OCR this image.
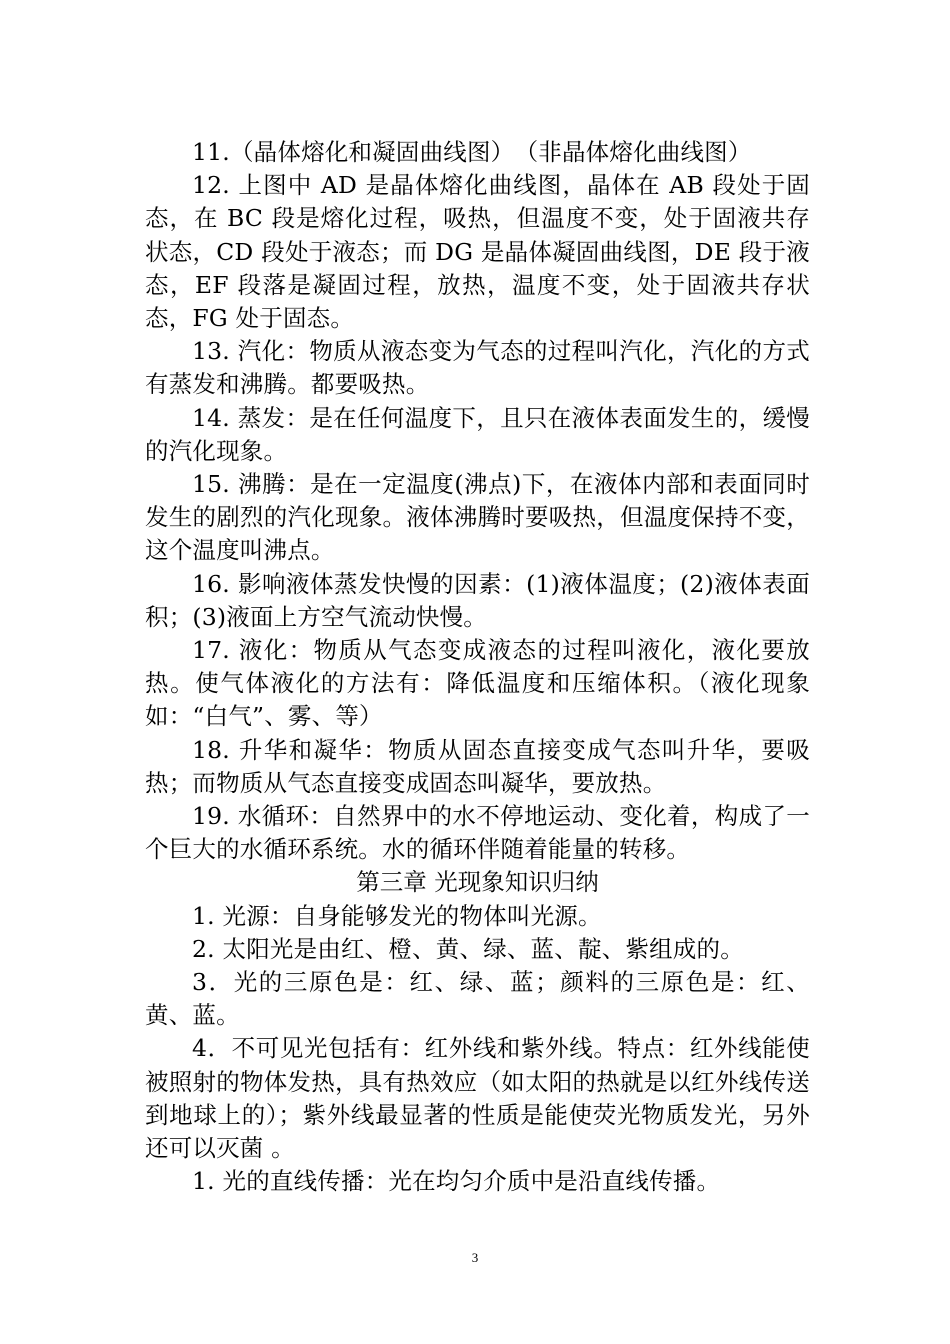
11.（晶体熔化和凝固曲线图）　（非晶体熔化曲线图）

12. 上图中 AD 是晶体熔化曲线图，晶体在 AB 段处于固态，在 BC 段是熔化过程，吸热，但温度不变，处于固液共存状态，CD 段处于液态；而 DG 是晶体凝固曲线图，DE 段于液态，EF 段落是凝固过程，放热，温度不变，处于固液共存状态，FG 处于固态。

13. 汽化：物质从液态变为气态的过程叫汽化，汽化的方式有蒸发和沸腾。都要吸热。

14. 蒸发：是在任何温度下，且只在液体表面发生的，缓慢的汽化现象。

15. 沸腾：是在一定温度(沸点)下，在液体内部和表面同时发生的剧烈的汽化现象。液体沸腾时要吸热，但温度保持不变，这个温度叫沸点。

16. 影响液体蒸发快慢的因素：(1)液体温度；(2)液体表面积；(3)液面上方空气流动快慢。

17. 液化：物质从气态变成液态的过程叫液化，液化要放热。使气体液化的方法有：降低温度和压缩体积。（液化现象如：“白气”、雾、等）

18. 升华和凝华：物质从固态直接变成气态叫升华，要吸热；而物质从气态直接变成固态叫凝华，要放热。

19. 水循环：自然界中的水不停地运动、变化着，构成了一个巨大的水循环系统。水的循环伴随着能量的转移。

第三章 光现象知识归纳

1. 光源：自身能够发光的物体叫光源。

2. 太阳光是由红、橙、黄、绿、蓝、靛、紫组成的。

3．光的三原色是：红、绿、蓝；颜料的三原色是：红、黄、蓝。

4．不可见光包括有：红外线和紫外线。特点：红外线能使被照射的物体发热，具有热效应（如太阳的热就是以红外线传送到地球上的）；紫外线最显著的性质是能使荧光物质发光，另外还可以灭菌 。

1. 光的直线传播：光在均匀介质中是沿直线传播。

3
